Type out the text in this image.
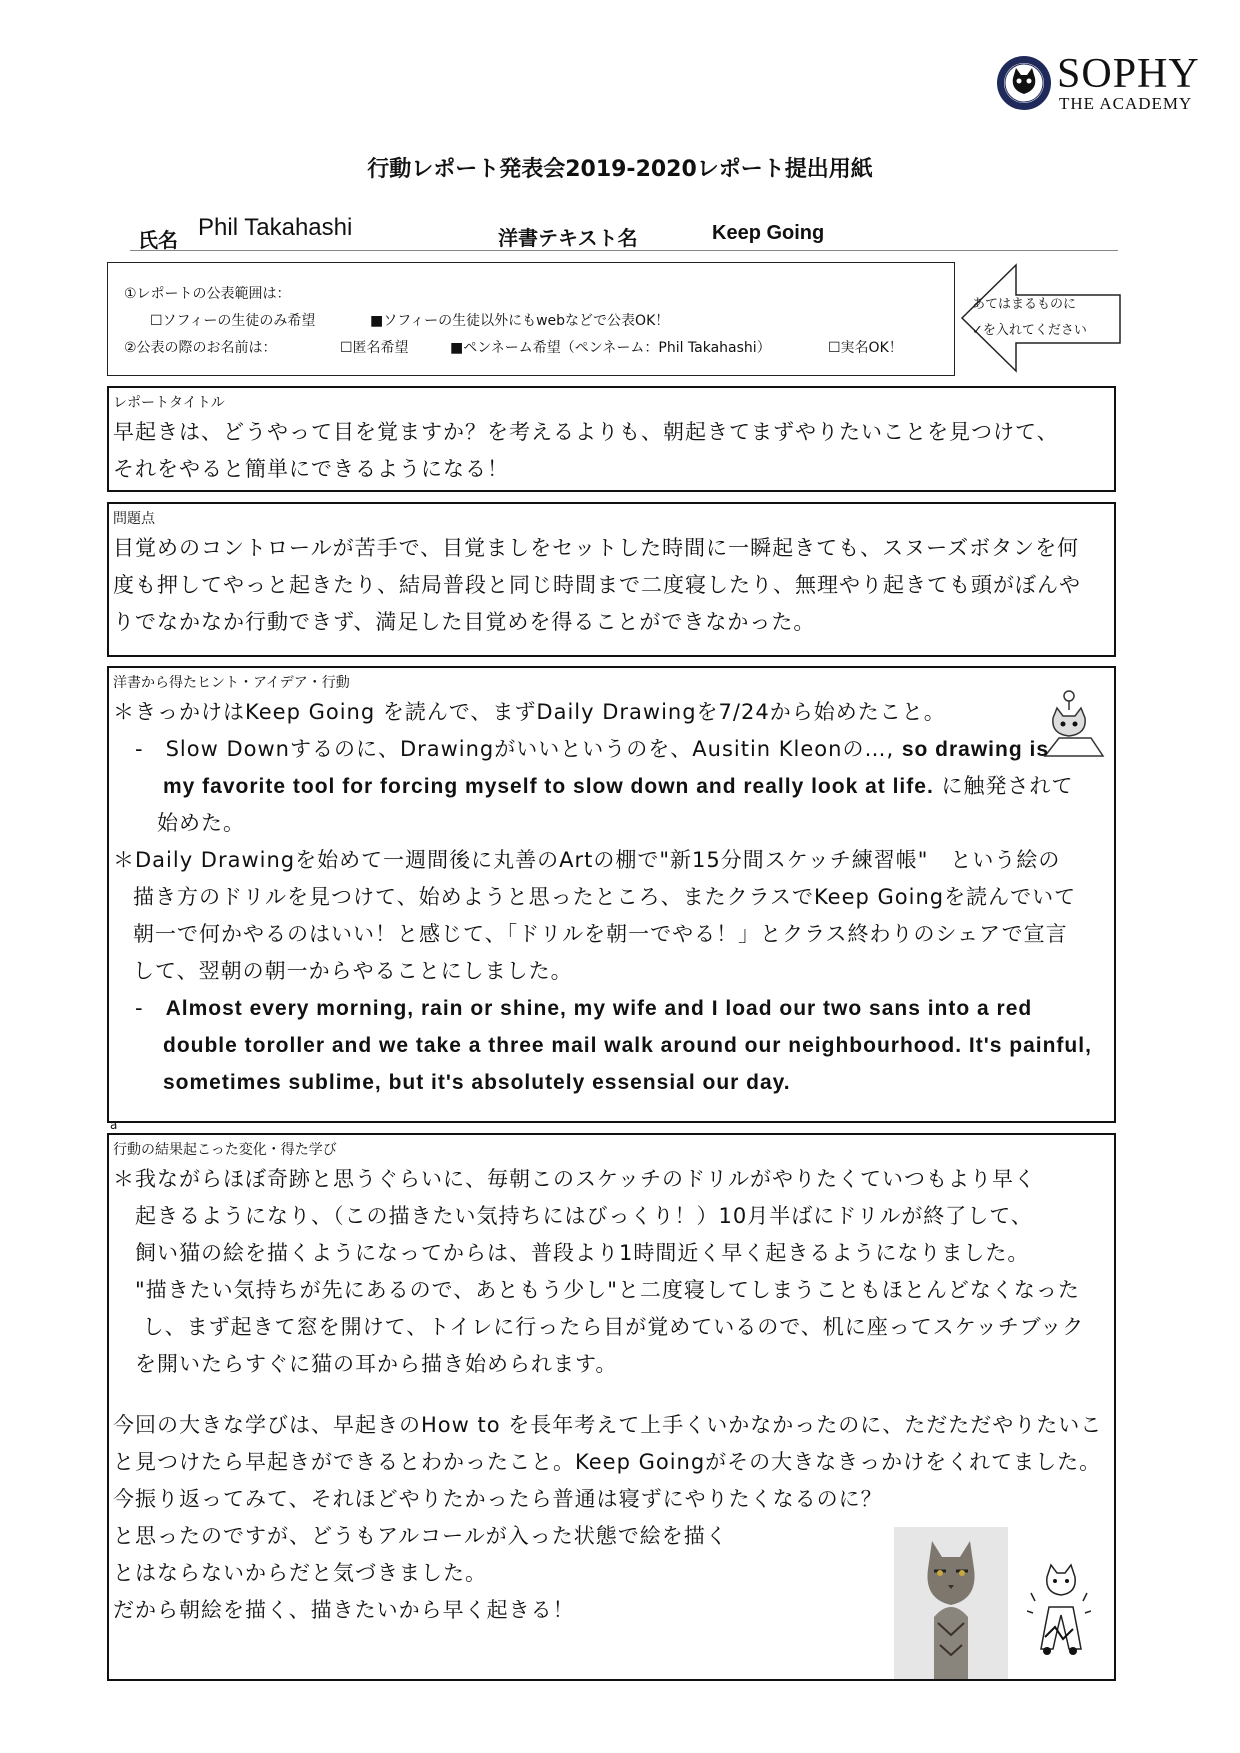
SOPHY
THE ACADEMY
行動レポート発表会2019-2020レポート提出用紙
氏名 Phil Takahashi	洋書テキスト名	Keep Going
①レポートの公表範囲は：
☐ソフィーの生徒のみ希望	■ソフィーの生徒以外にもwebなどで公表OK！
②公表の際のお名前は：	☐匿名希望	■ペンネーム希望（ペンネーム：Phil Takahashi）	☐実名OK！
あてはまるものに
✓を入れてください
レポートタイトル
早起きは、どうやって目を覚ますか？を考えるよりも、朝起きてまずやりたいことを見つけて、
それをやると簡単にできるようになる！
問題点
目覚めのコントロールが苦手で、目覚ましをセットした時間に一瞬起きても、スヌーズボタンを何
度も押してやっと起きたり、結局普段と同じ時間まで二度寝したり、無理やり起きても頭がぼんや
りでなかなか行動できず、満足した目覚めを得ることができなかった。
洋書から得たヒント・アイデア・行動
＊きっかけはKeep Going を読んで、まずDaily Drawingを7/24から始めたこと。
-　Slow Downするのに、Drawingがいいというのを、Ausitin Kleonの…, so drawing is
my favorite tool for forcing myself to slow down and really look at life. に触発されて
始めた。
＊Daily Drawingを始めて一週間後に丸善のArtの棚で"新15分間スケッチ練習帳"　という絵の
描き方のドリルを見つけて、始めようと思ったところ、またクラスでKeep Goingを読んでいて
朝一で何かやるのはいい！と感じて、「ドリルを朝一でやる！」とクラス終わりのシェアで宣言
して、翌朝の朝一からやることにしました。
-　Almost every morning, rain or shine, my wife and I load our two sans into a red
double toroller and we take a three mail walk around our neighbourhood. It's painful,
sometimes sublime, but it's absolutely essensial our day.
a
行動の結果起こった変化・得た学び
＊我ながらほぼ奇跡と思うぐらいに、毎朝このスケッチのドリルがやりたくていつもより早く
　起きるようになり、（この描きたい気持ちにはびっくり！）10月半ばにドリルが終了して、
　飼い猫の絵を描くようになってからは、普段より1時間近く早く起きるようになりました。
　"描きたい気持ちが先にあるので、あともう少し"と二度寝してしまうこともほとんどなくなった
　 し、まず起きて窓を開けて、トイレに行ったら目が覚めているので、机に座ってスケッチブック
　を開いたらすぐに猫の耳から描き始められます。
今回の大きな学びは、早起きのHow to を長年考えて上手くいかなかったのに、ただただやりたいこ
と見つけたら早起きができるとわかったこと。Keep Goingがその大きなきっかけをくれてました。
今振り返ってみて、それほどやりたかったら普通は寝ずにやりたくなるのに？
と思ったのですが、どうもアルコールが入った状態で絵を描く
とはならないからだと気づきました。
だから朝絵を描く、描きたいから早く起きる！
